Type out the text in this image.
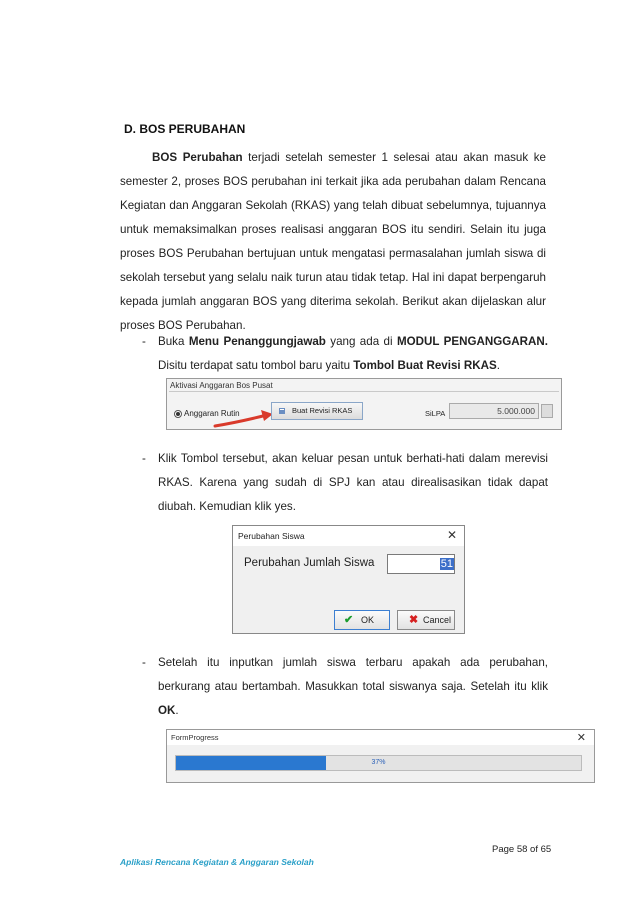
D. BOS PERUBAHAN
BOS Perubahan terjadi setelah semester 1 selesai atau akan masuk ke semester 2, proses BOS perubahan ini terkait jika ada perubahan dalam Rencana Kegiatan dan Anggaran Sekolah (RKAS) yang telah dibuat sebelumnya, tujuannya untuk memaksimalkan proses realisasi anggaran BOS itu sendiri. Selain itu juga proses BOS Perubahan bertujuan untuk mengatasi permasalahan jumlah siswa di sekolah tersebut yang selalu naik turun atau tidak tetap. Hal ini dapat berpengaruh kepada jumlah anggaran BOS yang diterima sekolah. Berikut akan dijelaskan alur proses BOS Perubahan.
- Buka Menu Penanggungjawab yang ada di MODUL PENGANGGARAN. Disitu terdapat satu tombol baru yaitu Tombol Buat Revisi RKAS.
Aktivasi Anggaran Bos Pusat
Anggaran Rutin	Buat Revisi RKAS	SiLPA	5.000.000
- Klik Tombol tersebut, akan keluar pesan untuk berhati-hati dalam merevisi RKAS. Karena yang sudah di SPJ kan atau direalisasikan tidak dapat diubah. Kemudian klik yes.
Perubahan Siswa	✕
Perubahan Jumlah Siswa	51
✔ OK	✖ Cancel
- Setelah itu inputkan jumlah siswa terbaru apakah ada perubahan, berkurang atau bertambah. Masukkan total siswanya saja. Setelah itu klik OK.
FormProgress	✕
37%
Page 58 of 65
Aplikasi Rencana Kegiatan & Anggaran Sekolah
